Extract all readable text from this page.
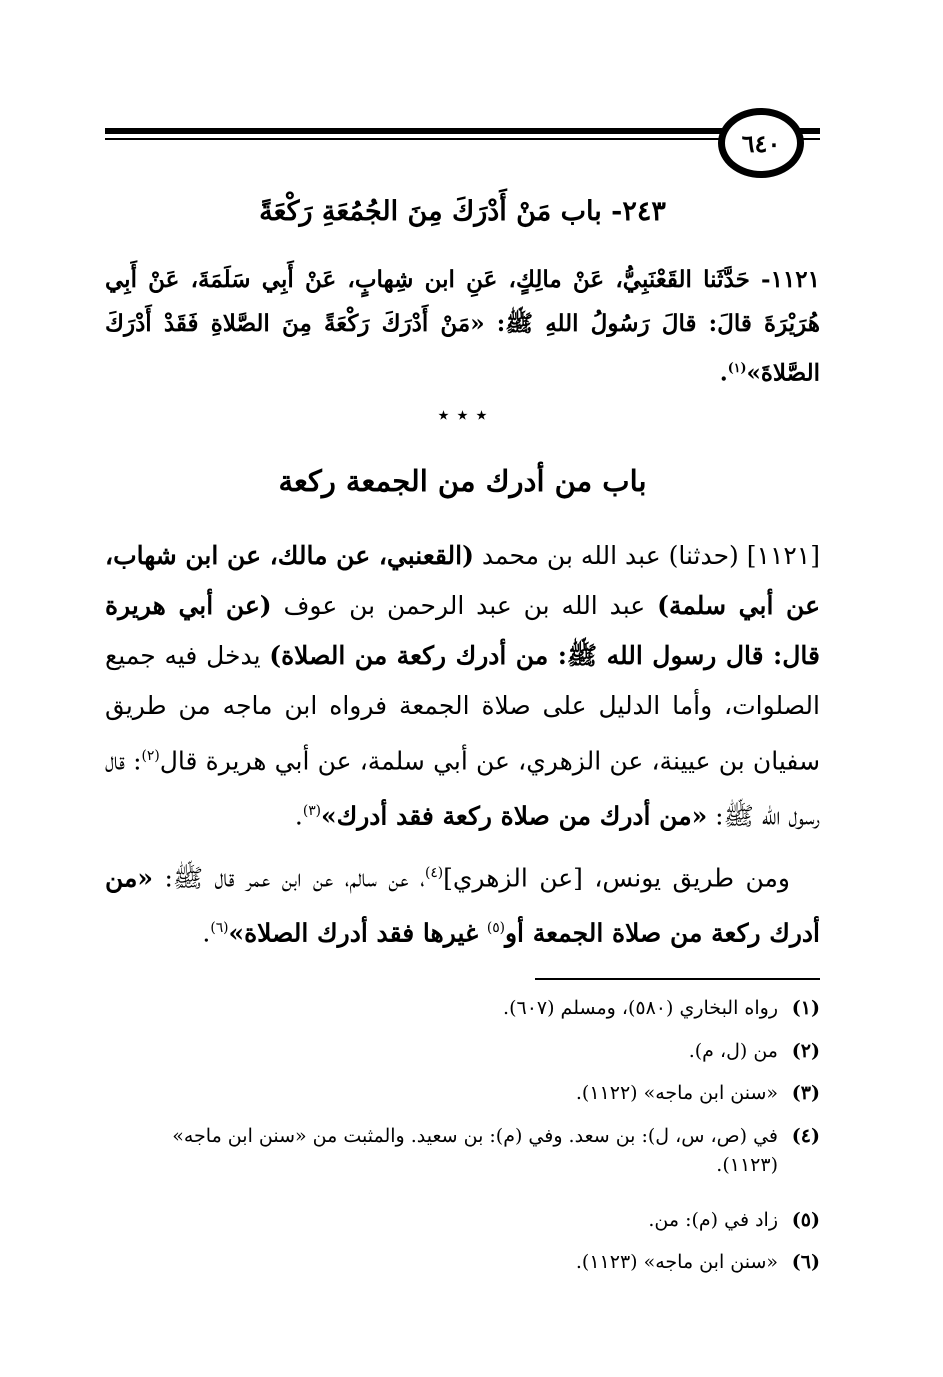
٦٤٠
٢٤٣- باب مَنْ أَدْرَكَ مِنَ الجُمُعَةِ رَكْعَةً
١١٢١- حَدَّثَنا القَعْنَبِيُّ، عَنْ مالِكٍ، عَنِ ابن شِهابٍ، عَنْ أَبِي سَلَمَةَ، عَنْ أَبِي هُرَيْرَةَ قالَ: قالَ رَسُولُ اللهِ ﷺ: «مَنْ أَدْرَكَ رَكْعَةً مِنَ الصَّلاةِ فَقَدْ أَدْرَكَ الصَّلاةَ»$^{(١)}$.
٭ ٭ ٭
باب من أدرك من الجمعة ركعة
[١١٢١] (حدثنا) عبد الله بن محمد (القعنبي، عن مالك، عن ابن شهاب، عن أبي سلمة) عبد الله بن عبد الرحمن بن عوف (عن أبي هريرة قال: قال رسول الله ﷺ: من أدرك ركعة من الصلاة) يدخل فيه جميع الصلوات، وأما الدليل على صلاة الجمعة فرواه ابن ماجه من طريق سفيان بن عيينة، عن الزهري، عن أبي سلمة، عن أبي هريرة قال$^{(٢)}$: قال رسول الله ﷺ: «من أدرك من صلاة ركعة فقد أدرك»$^{(٣)}$.
ومن طريق يونس، [عن الزهري]$^{(٤)}$، عن سالم، عن ابن عمر قال ﷺ: «من أدرك ركعة من صلاة الجمعة أو$^{(٥)}$ غيرها فقد أدرك الصلاة»$^{(٦)}$.
(١)
رواه البخاري (٥٨٠)، ومسلم (٦٠٧).
(٢)
من (ل، م).
(٣)
«سنن ابن ماجه» (١١٢٢).
(٤)
في (ص، س، ل): بن سعد. وفي (م): بن سعيد. والمثبت من «سنن ابن ماجه» (١١٢٣).
(٥)
زاد في (م): من.
(٦)
«سنن ابن ماجه» (١١٢٣).
